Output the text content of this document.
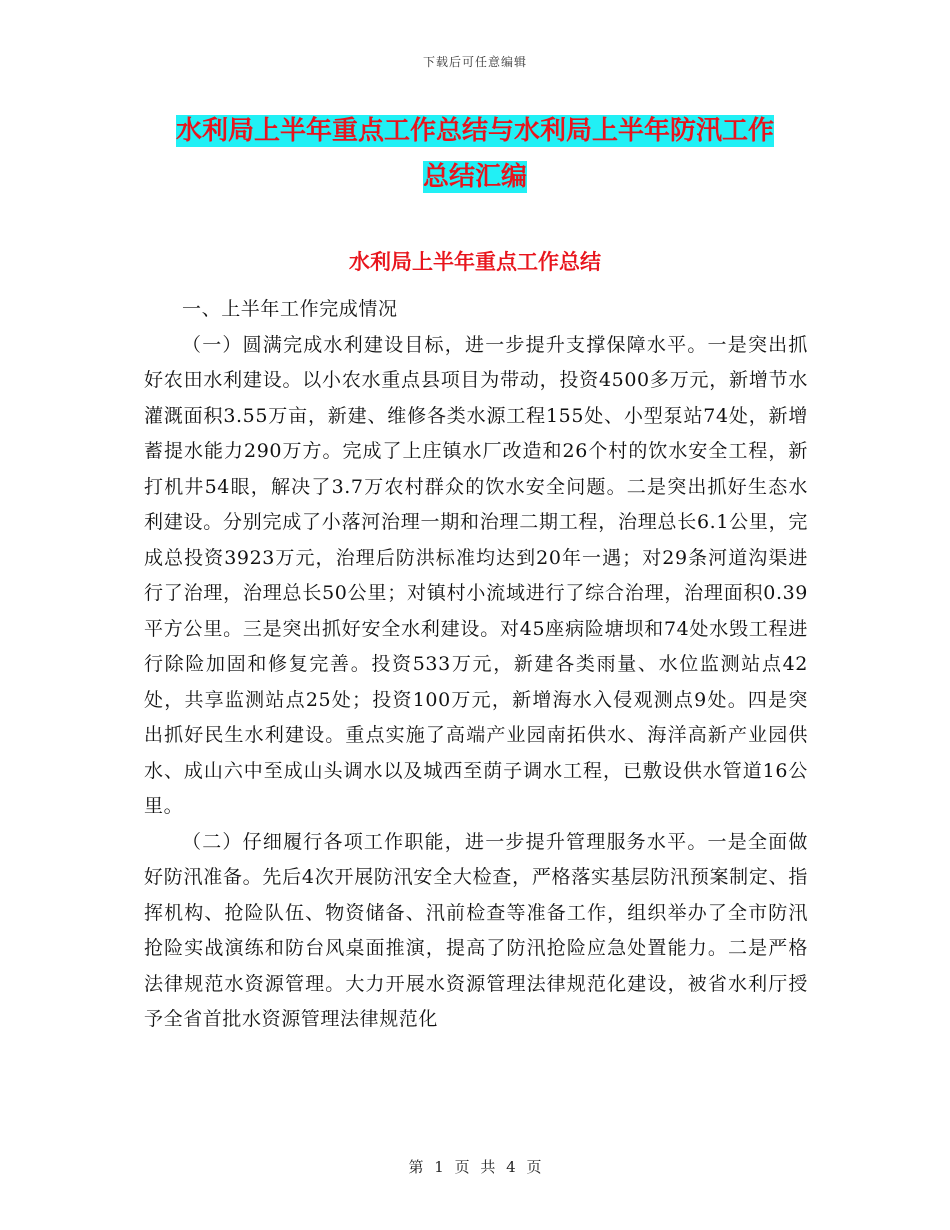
下载后可任意编辑
水利局上半年重点工作总结与水利局上半年防汛工作
总结汇编
水利局上半年重点工作总结

一、上半年工作完成情况

（一）圆满完成水利建设目标，进一步提升支撑保障水平。一是突出抓好农田水利建设。以小农水重点县项目为带动，投资4500多万元，新增节水灌溉面积3.55万亩，新建、维修各类水源工程155处、小型泵站74处，新增蓄提水能力290万方。完成了上庄镇水厂改造和26个村的饮水安全工程，新打机井54眼，解决了3.7万农村群众的饮水安全问题。二是突出抓好生态水利建设。分别完成了小落河治理一期和治理二期工程，治理总长6.1公里，完成总投资3923万元，治理后防洪标准均达到20年一遇；对29条河道沟渠进行了治理，治理总长50公里；对镇村小流域进行了综合治理，治理面积0.39平方公里。三是突出抓好安全水利建设。对45座病险塘坝和74处水毁工程进行除险加固和修复完善。投资533万元，新建各类雨量、水位监测站点42处，共享监测站点25处；投资100万元，新增海水入侵观测点9处。四是突出抓好民生水利建设。重点实施了高端产业园南拓供水、海洋高新产业园供水、成山六中至成山头调水以及城西至荫子调水工程，已敷设供水管道16公里。

（二）仔细履行各项工作职能，进一步提升管理服务水平。一是全面做好防汛准备。先后4次开展防汛安全大检查，严格落实基层防汛预案制定、指挥机构、抢险队伍、物资储备、汛前检查等准备工作，组织举办了全市防汛抢险实战演练和防台风桌面推演，提高了防汛抢险应急处置能力。二是严格法律规范水资源管理。大力开展水资源管理法律规范化建设，被省水利厅授予全省首批水资源管理法律规范化

第 1 页 共 4 页
